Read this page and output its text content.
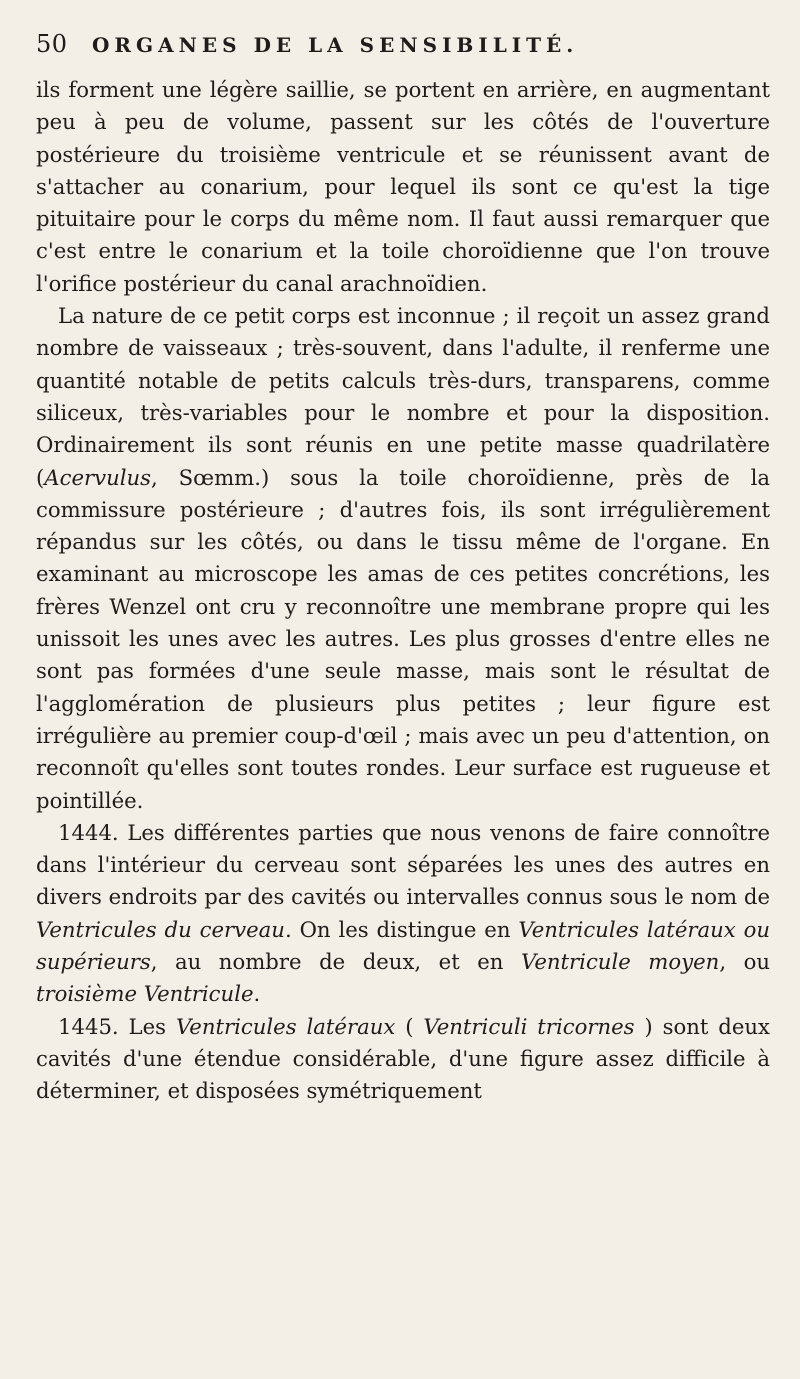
50	ORGANES DE LA SENSIBILITÉ.

ils forment une légère saillie, se portent en arrière, en augmentant peu à peu de volume, passent sur les côtés de l'ouverture postérieure du troisième ventricule et se réunissent avant de s'attacher au conarium, pour lequel ils sont ce qu'est la tige pituitaire pour le corps du même nom. Il faut aussi remarquer que c'est entre le conarium et la toile choroïdienne que l'on trouve l'orifice postérieur du canal arachnoïdien.

La nature de ce petit corps est inconnue ; il reçoit un assez grand nombre de vaisseaux ; très-souvent, dans l'adulte, il renferme une quantité notable de petits calculs très-durs, transparens, comme siliceux, très-variables pour le nombre et pour la disposition. Ordinairement ils sont réunis en une petite masse quadrilatère (Acervulus, Sœmm.) sous la toile choroïdienne, près de la commissure postérieure ; d'autres fois, ils sont irrégulièrement répandus sur les côtés, ou dans le tissu même de l'organe. En examinant au microscope les amas de ces petites concrétions, les frères Wenzel ont cru y reconnoître une membrane propre qui les unissoit les unes avec les autres. Les plus grosses d'entre elles ne sont pas formées d'une seule masse, mais sont le résultat de l'agglomération de plusieurs plus petites ; leur figure est irrégulière au premier coup-d'œil ; mais avec un peu d'attention, on reconnoît qu'elles sont toutes rondes. Leur surface est rugueuse et pointillée.

1444. Les différentes parties que nous venons de faire connoître dans l'intérieur du cerveau sont séparées les unes des autres en divers endroits par des cavités ou intervalles connus sous le nom de Ventricules du cerveau. On les distingue en Ventricules latéraux ou supérieurs, au nombre de deux, et en Ventricule moyen, ou troisième Ventricule.

1445. Les Ventricules latéraux ( Ventriculi tricornes ) sont deux cavités d'une étendue considérable, d'une figure assez difficile à déterminer, et disposées symétriquement
